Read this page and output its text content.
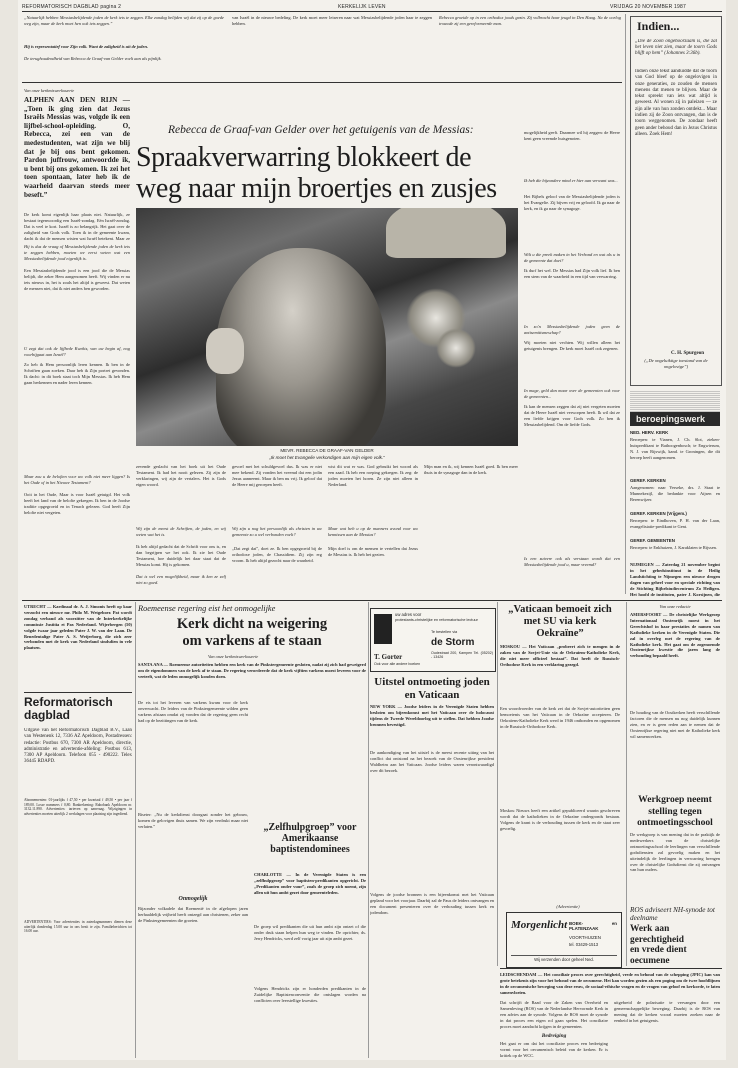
REFORMATORISCH DAGBLAD pagina 2	KERKELIJK LEVEN	VRIJDAG 20 NOVEMBER 1987
„Natuurlijk hebben Messiasbelijdende joden de kerk iets te zeggen. Elke zondag belijden wij dat zij op de goede weg zijn, maar de kerk moet hen ook iets zeggen.”
Hij is representatief voor Zijn volk. Want de zaligheid is uit de joden.
De terughoudendheid van Rebecca de Graaf-van Gelder voelt aan als pijnlijk.
van Israël in de nieuwe bedeling. De kerk moet meer leiseren naar wat Messiasbelijdende joden haar te zeggen hebben.
Rebecca groeide op in een orthodox joods gezin. Zij volbracht haar jeugd in Den Haag. Na de oorlog trouwde zij een gereformeerde man.
Van onze kerkmiswerkouerie
ALPHEN AAN DEN RIJN — „Toen ik ging zien dat Jezus Israëls Messias was, volgde ik een lijfbel-school-opleiding. O, Rebecca, zei een van de medestudenten, wat zijn we blij dat je bij ons bent gekomen. Pardon juffrouw, antwoordde ik, u bent bij ons gekomen. Ik zei het toen spontaan, later heb ik de waarheid daarvan steeds meer beseft.”
Rebecca de Graaf-van Gelder over het getuigenis van de Messias:
Spraakverwarring blokkeert de
weg naar mijn broertjes en zusjes
De kerk komt eigenlijk haar plaats niet. Natuurlijk, ze bestaat tegenwoordig een Israël-zondag. Eén Israël-zondag. Dat is veel te kort. Israël is zo belangrijk. Het gaat over de zaligheid van Gods volk. Toen ik in de gemeente kwam, dacht ik dat de mensen wisten wat Israël betekent. Maar ze
Hij is dus de vraag of Messiasbelijdende joden de kerk iets te zeggen hebben, moeten we eerst weten wat een Messiasbelijdende jood eigenlijk is.
Een Messiasbelijdende jood is een jood die de Messias belijdt, die zeker Hem aangenomen heeft. Wij vinden er nu iets nieuws in, het is zoals het altijd is geweest. Dat weten de mensen niet, dat ik niet anders ben geworden.
U zegt dat ook de lijfbede Kwekts, van uw begin af, nog voorbijgaat aan Israël?
Zo heb ik Hem persoonlijk leren kennen. Ik ben in de Schriften gaan zoeken. Daar heb ik Zijn portret gevonden. Ik dacht: in dit boek staat toch Mijn Messias. Ik heb Hem gaan herkennen en nader leren kennen.
Maar zou u de beloften voor uw volk niet meer liggen? Is het Oude of in het Nieuwe Testament?
Ooit in het Oude, Maar is voor Israël getuigd. Het volk heeft het land van de belofte gekregen. Ik ben in de Joodse traditie opgegroeid en in Tenach gelezen. God heeft Zijn belofte niet vergeten.
MEVR. REBECCA DE GRAAF-VAN GELDER
„Ik moet het Evangelie verkondigen aan mijn eigen volk.”
zevende geslacht van het boek uit het Oude Testament. Ik had het nooit gelezen. Zij zijn de verklaringen, wij zijn de vertalers. Het is Gods eigen woord.
Wij zijn de meest de Schriften, de joden, en wij weten wat het is.
Ik heb altijd gedacht dat de Schrift voor ons is, en dan begrijpen we het ook. Ik zie het Oude Testament, hoe duidelijk het daar staat dat de Messias komt. Hij is gekomen.
Dat is wel een mogelijkheid, maar ik ken ze zelf niet zo goed.
gevoel met het schuldgevoel dus. Ik was er niet mee bekend. Zij vonden het vreemd dat een jodin Jezus aanneemt. Maar ik ben nu vrij. Ik geloof dat de Heere mij geroepen heeft.
Wij zijn u nog het persoonlijk als christen in uw gemeente zo u wel verbonden voelt?
„Dat zegt dat”, doet ze. Ik ben opgegroeid bij de orthodoxe joden, de Chassidiem. Zij zijn erg vroom. Ik heb altijd gezocht naar de waarheid.
wist dit wat er was. God gebruikt het woord als een zaad. Ik heb een roeping gekregen. Ik zeg: de joden moeten het horen. Ze zijn niet alleen in Nederland.
Maar wat heb u op de manners avond voor uw kennissen aan de Messias?
Mijn doel is om de mensen te vertellen dat Jezus de Messias is. Ik heb het gezien.
Mijn man en ik, wij kennen Israël goed. Ik ben meer thuis in de synagoge dan in de kerk.
mogelijkheid geeft. Daarmee wil hij zeggen: de Heere kent geen vreemde huisgenoten.
Ik heb die bijzondere mind er hier aan verwant was...
Het Bijbels geloof van de Messiasbelijdende joden is het Evangelie. Zij bijven vrij en geloofd. Ik ga naar de kerk, en ik ga naar de synagoge.
Wilt u die preek maken in het Verbond en wat als u in de gemeente dat doet?
Ik durf het wel. De Messias had Zijn volk lief. Ik ben een stem van de waarheid in een tijd van verwarring.
In zo'n Messiasbelijdende joden geen de antisemitismeschap?
Wij moeten niet vechten. Wij willen alleen het getuigenis brengen. De kerk moet Israël ook zegenen.
In mage, geld dan maar over de gemeenten ook voor de gemeenten...
Ik kan de mensen zeggen dat zij niet vergeten moeten dat de Heere Israël niet verworpen heeft. Ik wil dat ze een liefde krijgen voor Gods volk. Zo ben ik Messiasbelijdend. Om de liefde Gods.
Is een zuivere ook als verstaan wordt dat een Messiasbelijdende jood u, maar vreemd?
Indien...
„Die de Zoon ongehoorzaam is, die zal het leven niet zien, maar de toorn Gods blijft op hem” (Johannes 3:36b).
Indien onze tekst aanduidde dat de toorn van God bleef op de ongelovigen in onze generaties, zo zouden de mensen menens dat menen te blijven. Maar de tekst spreekt van iets wat altijd is geweest. Al wonen zij in paleizen — ze zijn alle van hun zonden ontdekt... Maar indien zij de Zoon ontvangen, dan is de toorn weggenomen. De zondaar heeft geen ander behoud dan in Jezus Christus alleen. Zoek Hem!
C. H. Spurgeon
(„De ongeluiktige toestand van de ongelovige”)
beroepingswerk
NED. HERV. KERK
Beroepen: te Vianen, J. Ch. Slot, zieken-huispredikant te Bathoogenbosch; te Engwierum, N. J. van Rijswijk, kand. te Groningen, die dit beroep heeft aangenomen.
GEREF. KERKEN
Aangenomen: naar Yerseke, drs. J. Staat te Munnekezijl, die bedankte voor Aijsen en Berenwijzer.
GEREF. KERKEN (Vrijgem.)
Beroepen: te Eindhoven, P. H. van der Laan, evangelistatie-predikant te Gent.
GEREF. GEMEENTEN
Beroepen: te Enkhuizen, J. Karaklaten te Rijssen.
NIJMEGEN — Zaterdag 21 november begint in het gebedsinstituut in de Heilig Landstichting te Nijmegen een nieuwe drogen dagen van geheel voor en speciale richting van de Stichting Bijbelstudiecentrum Zo Heiligen. Het hoofd de instituten, pater J. Korsijnen, die
UTRECHT — Kardinaal dr. A. J. Simonis heeft op kaar verzocht een nieuwe mr. Philo M. Wetgeboer. Pat wordt zondag verband als voorzitter van de Interkerkelijke commissie Justitia et Pax Nederland. Wijerbergen (50) volgde twaar jaar geleden Pater J. W. van der Laan. De Benedentalige Pater A. S. Weijerborg, die zich zeer verbonden met de kerk van Nederland sindsdien in vele plaatsen.
Reformatorisch dagblad
Uitgave van het Reformatorisch Dagblad B.V., Laan van Westenenk 12, 7336 AZ Apeldoorn, Postadressen: redactie: Postbus 670, 7300 AR Apeldoorn, directie, administratie en advertentie-afdeling: Postbus 613, 7300 AP Apeldoorn. Telefoon 055 - 490222. Telex 36445 RDAPD.
Abonnementen: 01-jaarlijks f 47,50 • per kwartaal f 49,50 • per jaar f 189,00. Losse nummers f 0,80. Bankrekening: Rabobank Apeldoorn nr. 3132.11.890. Advertenties: tarieven op aanvraag. Wijzigingen in advertenties moeten uiterlijk 2 werkdagen voor plaatsing zijn ingediend.
ADVERTENTIES: Voor advertenties in zaterdagnummers dienen deze uiterlijk donderdag 15.00 uur in ons bezit te zijn. Familieberichten tot 16.00 uur.
Roemeense regering eist het onmogelijke
Kerk dicht na weigering
om varkens af te staan
Van onze kerkmiswerkouerie
SANTA ANA — Roemeense autoriteiten hebben een kerk van de Pinkstergemeente gesloten, nadat zij zich had geweigerd om de eigendommen van de kerk af te staan. De regering verordeerde dat de kerk vijftien varkens moest leveren voor de veeteelt, wat de leden onmogelijk konden doen.
De eis tot het leveren van varkens kwam voor de kerk onverwacht. De leiders van de Pinkstergemeente wilden geen varkens afstaan omdat zij vonden dat de regering geen recht had op de bezittingen van de kerk.
Biseter: „Nu de kerkdienst doorgaat zonder het gebouw, komen de gelovigen thuis samen. We zijn verdrukt maar niet verlaten.”
Onmogelijk
Bijzonder volkadele dat Roemenië in de afgelopen jaren herhaaldelijk vrijheid heeft ontzegd aan christenen, zeker aan de Pinkstergemeenten die groeien.
„Zelfhulpgroep” voor Amerikaanse baptistendominees
CHARLOTTE — In de Verenigde Staten is een „zelfhulpgroep” voor baptisten-predikanten opgericht. De „Predikanten onder vuur”, zoals de groep zich noemt, zijn allen uit hun ambt gezet door gemeenteleden.
De groep wil predikanten die uit hun ambt zijn ontzet of die onder druk staan helpen hun weg te vinden. De oprichter, ds. Jerry Hendricks, werd zelf vorig jaar uit zijn ambt gezet.
Volgens Hendricks zijn er honderden predikanten in de Zuidelijke Baptistenconventie die ontslagen worden na conflicten over leerstellige kwesties.
uw adres voor
protestants-christelijke en reformatorische lectuur
Te bestellen via
de Storm
Oudestraat 200, Kampen Tel. (05202) - 13426
T. Gorter
Ook voor alle andere boeken
Uitstel ontmoeting joden en Vaticaan
NEW YORK — Joodse leiders in de Verenigde Staten hebben besloten om bijeenkomst met het Vaticaan over de holocaust tijdens de Tweede Wereldoorlog uit te stellen. Dat hebben Joodse bronnen bevestigd.
De aankondiging van het uitstel is de meest recente uiting van het conflict dat ontstond na het bezoek van de Oostenrijkse president Waldheim aan het Vaticaan. Joodse leiders waren verontwaardigd over dit bezoek.
Volgens de joodse bronnen is een bijeenkomst met het Vaticaan gepland voor het voorjaar. Daarbij zal de Paus de leiders ontvangen en een document presenteren over de verhouding tussen kerk en jodendom.
„Vaticaan bemoeit zich met SU via kerk Oekraïne”
MOSKOU — Het Vaticaan „probeert zich te mengen in de zaken van de Sovjet-Unie via de Oekraïens-Katholieke Kerk, die niet meer officieel bestaat”. Dat heeft de Russisch-Orthodoxe Kerk in een verklaring gezegd.
Een woordvoerder van de kerk zei dat de Sovjet-autoriteiten geen bemoeienis van het Vaticaan in de Oekraïne accepteren. De Oekraïens-Katholieke Kerk werd in 1946 ontbonden en opgenomen in de Russisch-Orthodoxe Kerk.
Moskou Nieuws heeft een artikel gepubliceerd waarin geschreven wordt dat de katholieken in de Oekraïne ondergronds bestaan. Volgens de krant is de verhouding tussen de kerk en de staat zeer gevoelig.
(Advertentie)
Morgenlicht BOEK- en PLATENZAAK
VOORTHUIZEN
tel. 03429-1513
Wij verzenden door geheel Ned.
Van onze redactie
AMERSFOORT — De christelijke Werkgroep Internationaal Oostenrijk moest in het Gerechtshof in haar prestaties de namen van Katholieke kerken in de Verenigde Staten. Die zal in overleg met de regering van de Katholieke kerk. Het gaat om de zogenoemde Oostenrijkse kwestie die jaren lang de verhouding bepaald heeft.
De houding van de Oostkerken heeft verschillende factoren die de mensen nu nog duidelijk kunnen zien, en er is geen reden aan te nemen dat de Oostenrijkse regering niet met de Katholieke kerk wil samenwerken.
Werkgroep neemt stelling tegen ontmoetingsschool
De werkgroep is van mening dat in de praktijk de medewerkers van de christelijke ontmoetingsschool de leerlingen van verschillende godsdiensten zal gevoelig maken en het uiteindelijk de leerlingen in verwarring brengen over de christelijke Godsdienst die zij ontvangen van hun ouders.
ROS adviseert NH-synode tot deelname
Werk aan gerechtigheid
en vrede dient oecumene
LEIDSCHENDAM — Het conciliair proces over gerechtigheid, vrede en behoud van de schepping (JPIC) kan van grote betekenis zijn voor het behoud van de oecumene. Het kan worden gezien als een poging om de twee hoofdlijnen in de oecumenische beweging van deze eeuw, de sociaal-ethische vragen en de vragen van geloof en kerkorde, te laten samenvloeien.
Dat schrijft de Raad voor de Zaken van Overheid en Samenleving (ROS) van de Nederlandse Hervormde Kerk in een advies aan de synode. Volgens de ROS moet de synode in dat proces een eigen rol gaan spelen. Het conciliaire proces moet aandacht krijgen in de gemeenten.
Bedreiging
Het gaat er om dat het conciliaire proces een bedreiging vormt voor het oecumenisch beleid van de kerken. Er is kritiek op de WCC.
uitgebreid de polarisatie te vervangen door een gemeenschappelijke beweging. Daarbij is de ROS van mening dat de kerken vooral moeten zoeken naar de eenheid in het getuigenis.
